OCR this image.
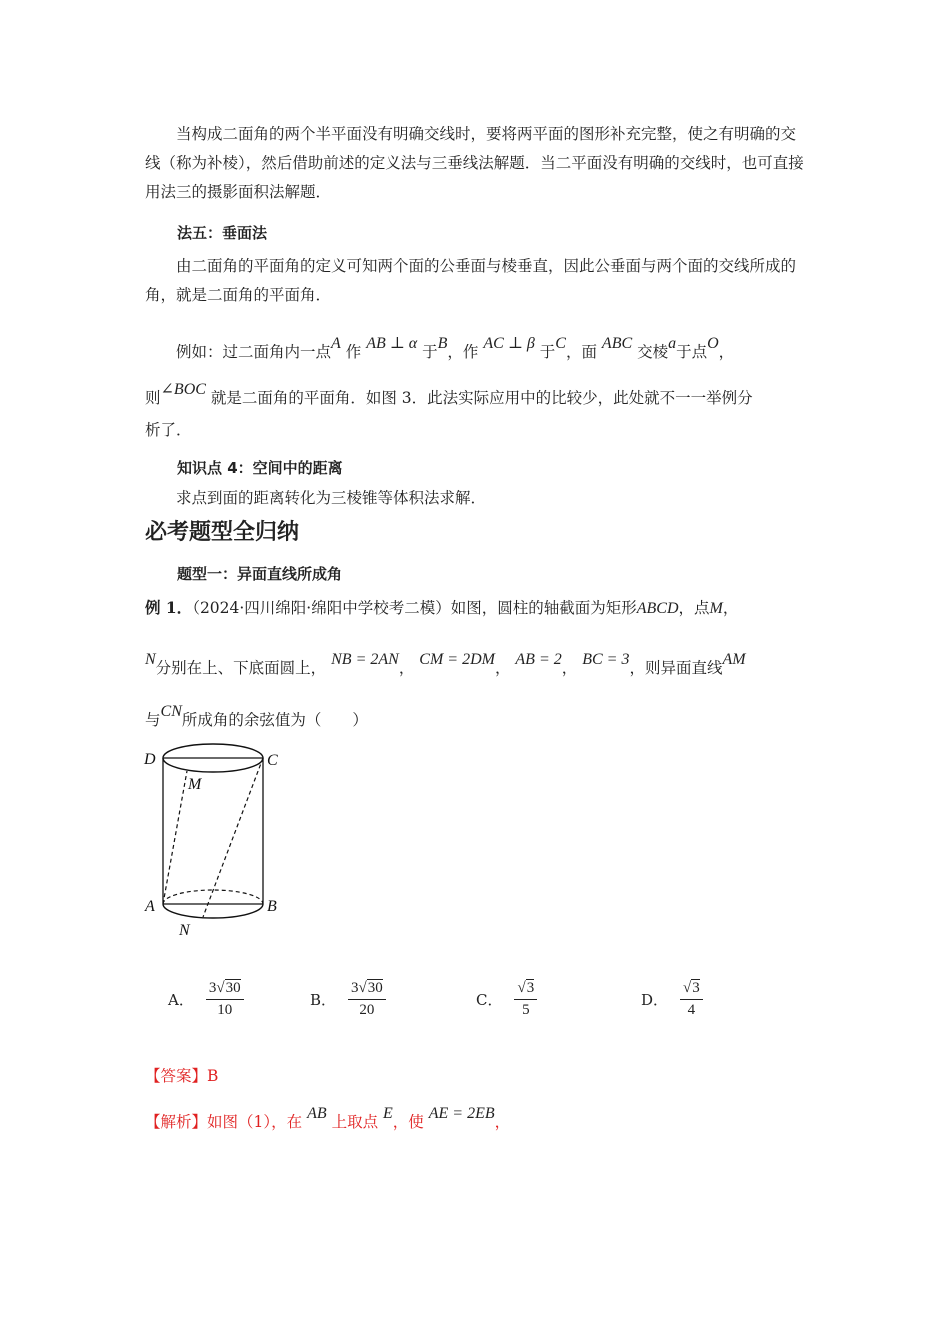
当构成二面角的两个半平面没有明确交线时，要将两平面的图形补充完整，使之有明确的交线（称为补棱），然后借助前述的定义法与三垂线法解题．当二平面没有明确的交线时，也可直接用法三的摄影面积法解题．

法五：垂面法

由二面角的平面角的定义可知两个面的公垂面与棱垂直，因此公垂面与两个面的交线所成的角，就是二面角的平面角．

例如：过二面角内一点A 作 AB ⊥ α 于B，作 AC ⊥ β 于C，面 ABC 交棱a于点O，
则∠BOC 就是二面角的平面角．如图 3．此法实际应用中的比较少，此处就不一一举例分
析了．
知识点 4：空间中的距离
求点到面的距离转化为三棱锥等体积法求解．
必考题型全归纳
题型一：异面直线所成角
例 1．（2024·四川绵阳·绵阳中学校考二模）如图，圆柱的轴截面为矩形ABCD，点M，
N分别在上、下底面圆上， NB = 2AN， CM = 2DM， AB = 2， BC = 3，则异面直线AM
与CN所成角的余弦值为（　　）
D	C
M
A	B
N
A． $\frac{3√30}{10}$	B． $\frac{3√30}{20}$	C． $\frac{√3}{5}$	D． $\frac{√3}{4}$
【答案】B
【解析】如图（1），在 AB 上取点 E，使 AE = 2EB，
